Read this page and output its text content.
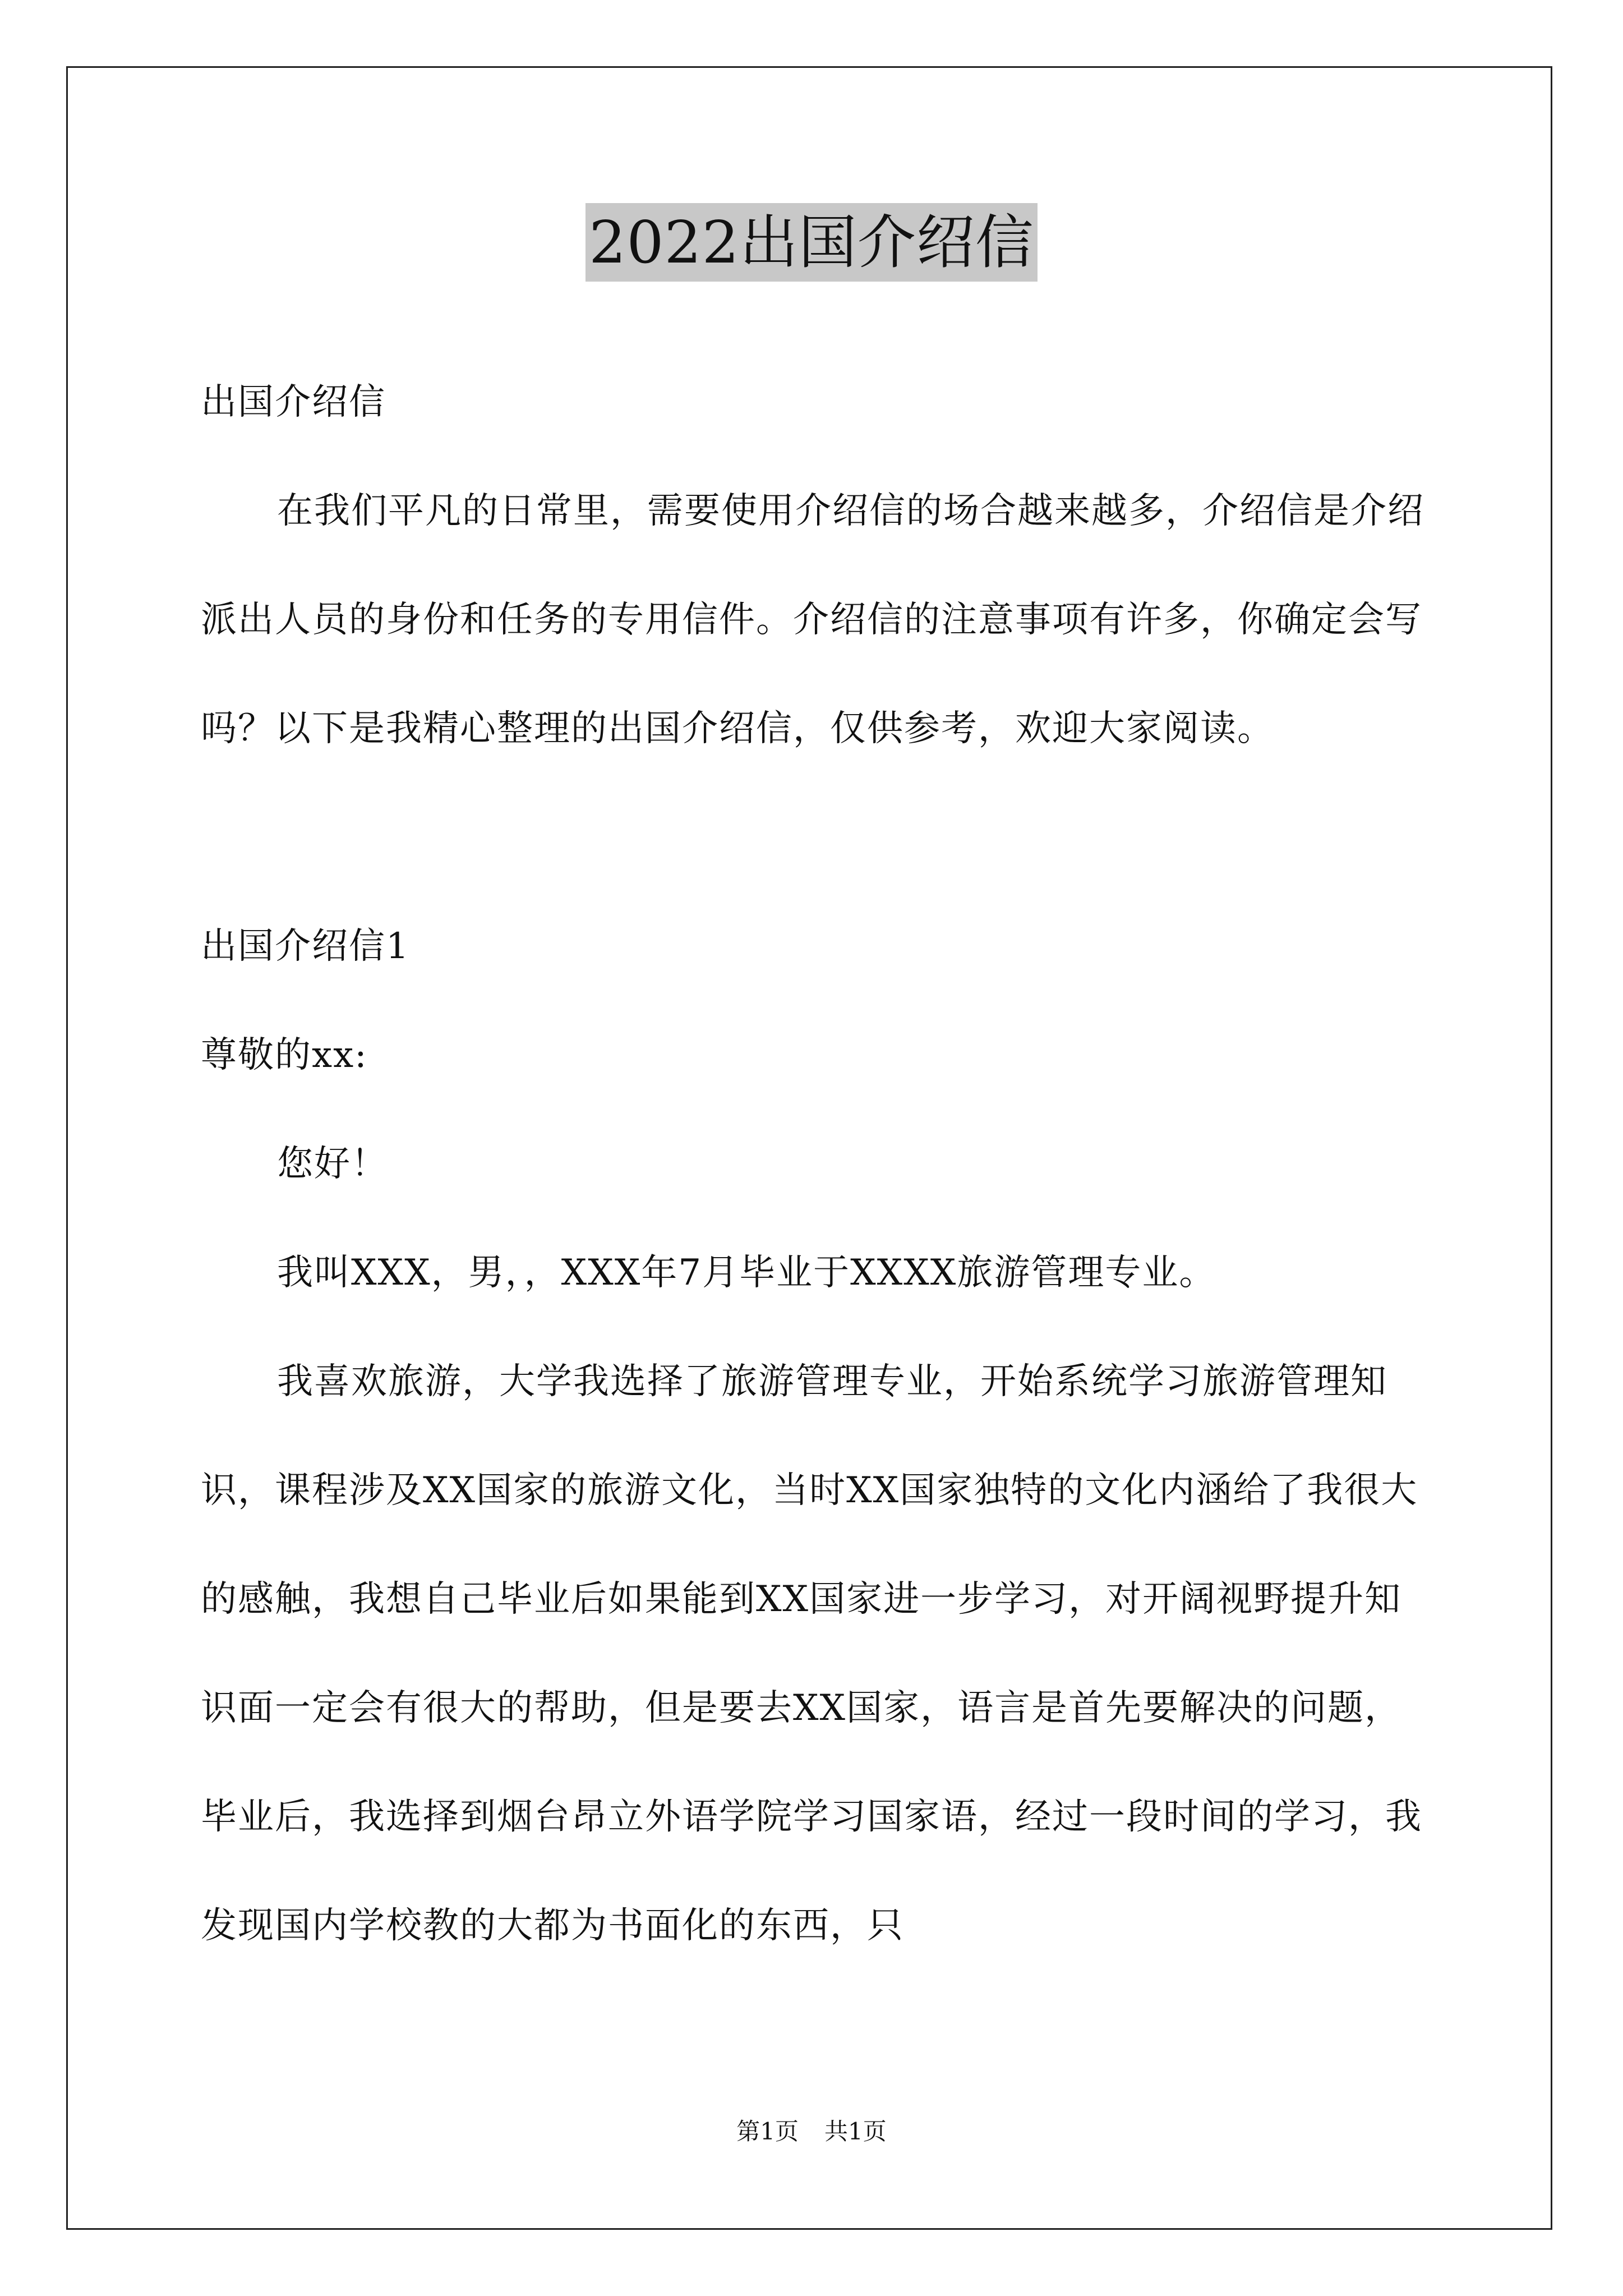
2022出国介绍信

出国介绍信

在我们平凡的日常里，需要使用介绍信的场合越来越多，介绍信是介绍派出人员的身份和任务的专用信件。介绍信的注意事项有许多，你确定会写吗？以下是我精心整理的出国介绍信，仅供参考，欢迎大家阅读。

出国介绍信1

尊敬的xx:

您好！

我叫XXX，男，，XXX年7月毕业于XXXX旅游管理专业。

我喜欢旅游，大学我选择了旅游管理专业，开始系统学习旅游管理知识，课程涉及XX国家的旅游文化，当时XX国家独特的文化内涵给了我很大的感触，我想自己毕业后如果能到XX国家进一步学习，对开阔视野提升知识面一定会有很大的帮助，但是要去XX国家，语言是首先要解决的问题，毕业后，我选择到烟台昂立外语学院学习国家语，经过一段时间的学习，我发现国内学校教的大都为书面化的东西，只

第1页 共1页
